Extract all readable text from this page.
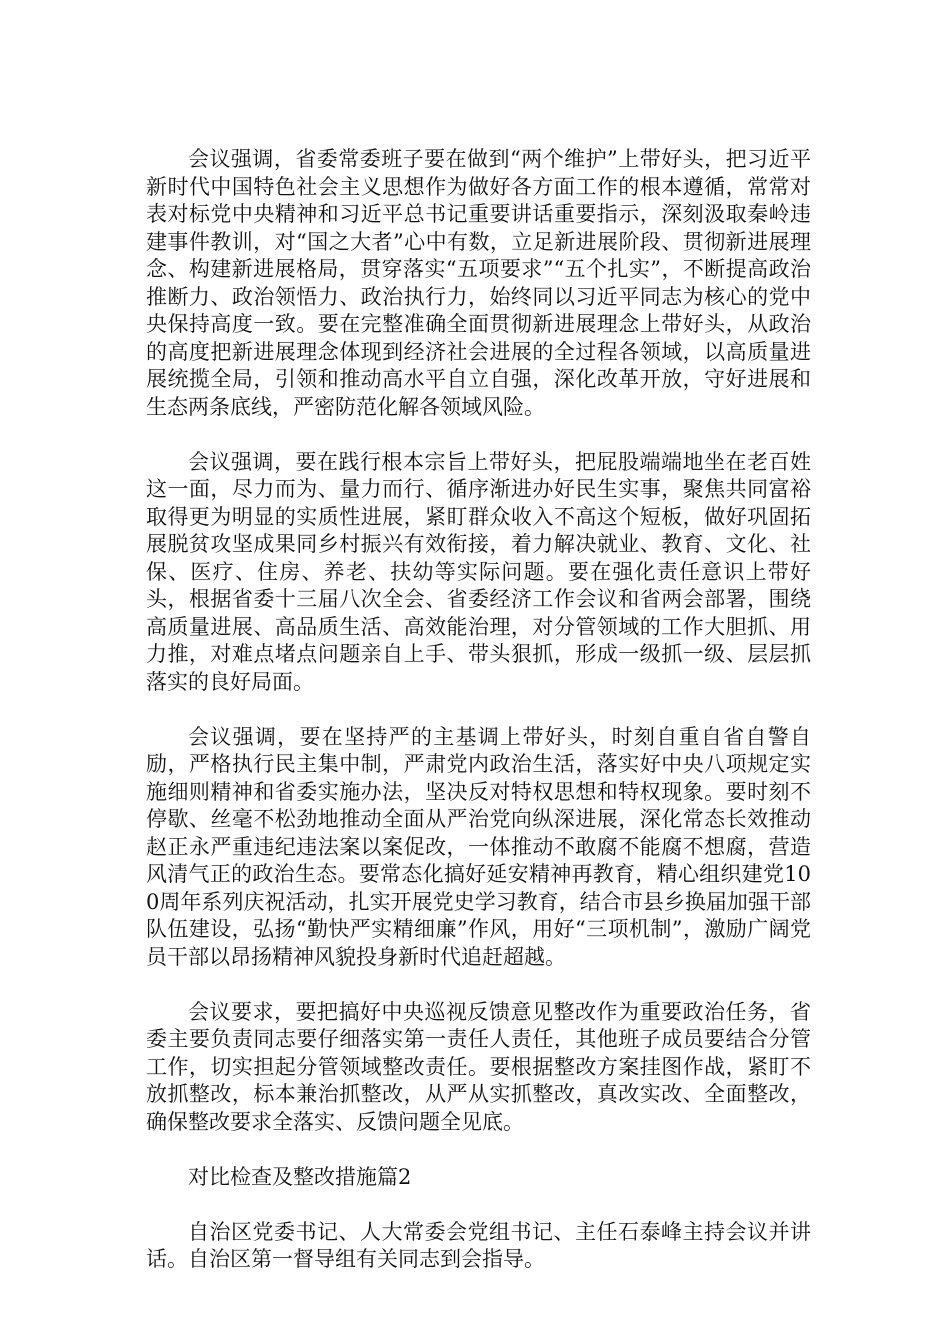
会议强调，省委常委班子要在做到“两个维护”上带好头，把习近平新时代中国特色社会主义思想作为做好各方面工作的根本遵循，常常对表对标党中央精神和习近平总书记重要讲话重要指示，深刻汲取秦岭违建事件教训，对“国之大者”心中有数，立足新进展阶段、贯彻新进展理念、构建新进展格局，贯穿落实“五项要求”“五个扎实”，不断提高政治推断力、政治领悟力、政治执行力，始终同以习近平同志为核心的党中央保持高度一致。要在完整准确全面贯彻新进展理念上带好头，从政治的高度把新进展理念体现到经济社会进展的全过程各领域，以高质量进展统揽全局，引领和推动高水平自立自强，深化改革开放，守好进展和生态两条底线，严密防范化解各领域风险。

会议强调，要在践行根本宗旨上带好头，把屁股端端地坐在老百姓这一面，尽力而为、量力而行、循序渐进办好民生实事，聚焦共同富裕取得更为明显的实质性进展，紧盯群众收入不高这个短板，做好巩固拓展脱贫攻坚成果同乡村振兴有效衔接，着力解决就业、教育、文化、社保、医疗、住房、养老、扶幼等实际问题。要在强化责任意识上带好头，根据省委十三届八次全会、省委经济工作会议和省两会部署，围绕高质量进展、高品质生活、高效能治理，对分管领域的工作大胆抓、用力推，对难点堵点问题亲自上手、带头狠抓，形成一级抓一级、层层抓落实的良好局面。

会议强调，要在坚持严的主基调上带好头，时刻自重自省自警自励，严格执行民主集中制，严肃党内政治生活，落实好中央八项规定实施细则精神和省委实施办法，坚决反对特权思想和特权现象。要时刻不停歇、丝毫不松劲地推动全面从严治党向纵深进展，深化常态长效推动赵正永严重违纪违法案以案促改，一体推动不敢腐不能腐不想腐，营造风清气正的政治生态。要常态化搞好延安精神再教育，精心组织建党100周年系列庆祝活动，扎实开展党史学习教育，结合市县乡换届加强干部队伍建设，弘扬“勤快严实精细廉”作风，用好“三项机制”，激励广阔党员干部以昂扬精神风貌投身新时代追赶超越。

会议要求，要把搞好中央巡视反馈意见整改作为重要政治任务，省委主要负责同志要仔细落实第一责任人责任，其他班子成员要结合分管工作，切实担起分管领域整改责任。要根据整改方案挂图作战，紧盯不放抓整改，标本兼治抓整改，从严从实抓整改，真改实改、全面整改，确保整改要求全落实、反馈问题全见底。

对比检查及整改措施篇2

自治区党委书记、人大常委会党组书记、主任石泰峰主持会议并讲话。自治区第一督导组有关同志到会指导。
